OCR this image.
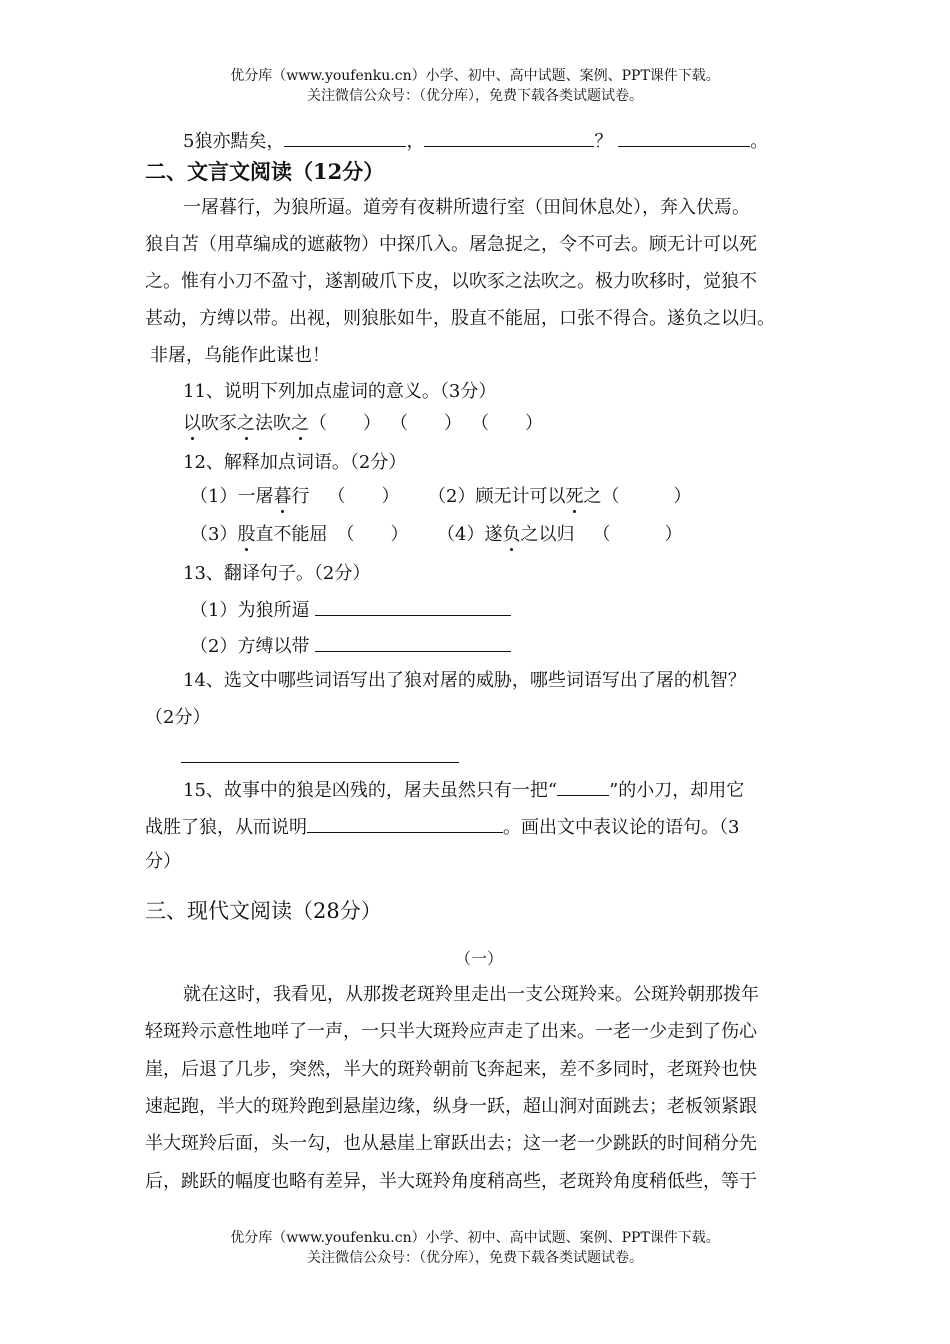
优分库（www.youfenku.cn）小学、初中、高中试题、案例、PPT课件下载。
关注微信公众号：（优分库），免费下载各类试题试卷。
5狼亦黠矣，	，	？	。
二、文言文阅读（12分）
一屠暮行，为狼所逼。道旁有夜耕所遗行室（田间休息处），奔入伏焉。
狼自苫（用草编成的遮蔽物）中探爪入。屠急捉之，令不可去。顾无计可以死
之。惟有小刀不盈寸，遂割破爪下皮，以吹豕之法吹之。极力吹移时，觉狼不
甚动，方缚以带。出视，则狼胀如牛，股直不能屈，口张不得合。遂负之以归。
非屠，乌能作此谋也！
11、说明下列加点虚词的意义。（3分）
以吹豕之法吹之（　　）  （　　）  （　　）
12、解释加点词语。（2分）
（1）一屠暮行  （　　） （2）顾无计可以死之（　　　）
（3）股直不能屈  （　　） （4）遂负之以归  （　　　）
13、翻译句子。（2分）
（1）为狼所逼
（2）方缚以带
14、选文中哪些词语写出了狼对屠的威胁，哪些词语写出了屠的机智？
（2分）
15、故事中的狼是凶残的，屠夫虽然只有一把“	”的小刀，却用它
战胜了狼，从而说明	。画出文中表议论的语句。（3
分）
三、现代文阅读（28分）
（一）
就在这时，我看见，从那拨老斑羚里走出一支公斑羚来。公斑羚朝那拨年
轻斑羚示意性地咩了一声，一只半大斑羚应声走了出来。一老一少走到了伤心
崖，后退了几步，突然，半大的斑羚朝前飞奔起来，差不多同时，老斑羚也快
速起跑，半大的斑羚跑到悬崖边缘，纵身一跃，超山涧对面跳去；老板领紧跟
半大斑羚后面，头一勾，也从悬崖上窜跃出去；这一老一少跳跃的时间稍分先
后，跳跃的幅度也略有差异，半大斑羚角度稍高些，老斑羚角度稍低些，等于
优分库（www.youfenku.cn）小学、初中、高中试题、案例、PPT课件下载。
关注微信公众号：（优分库），免费下载各类试题试卷。
